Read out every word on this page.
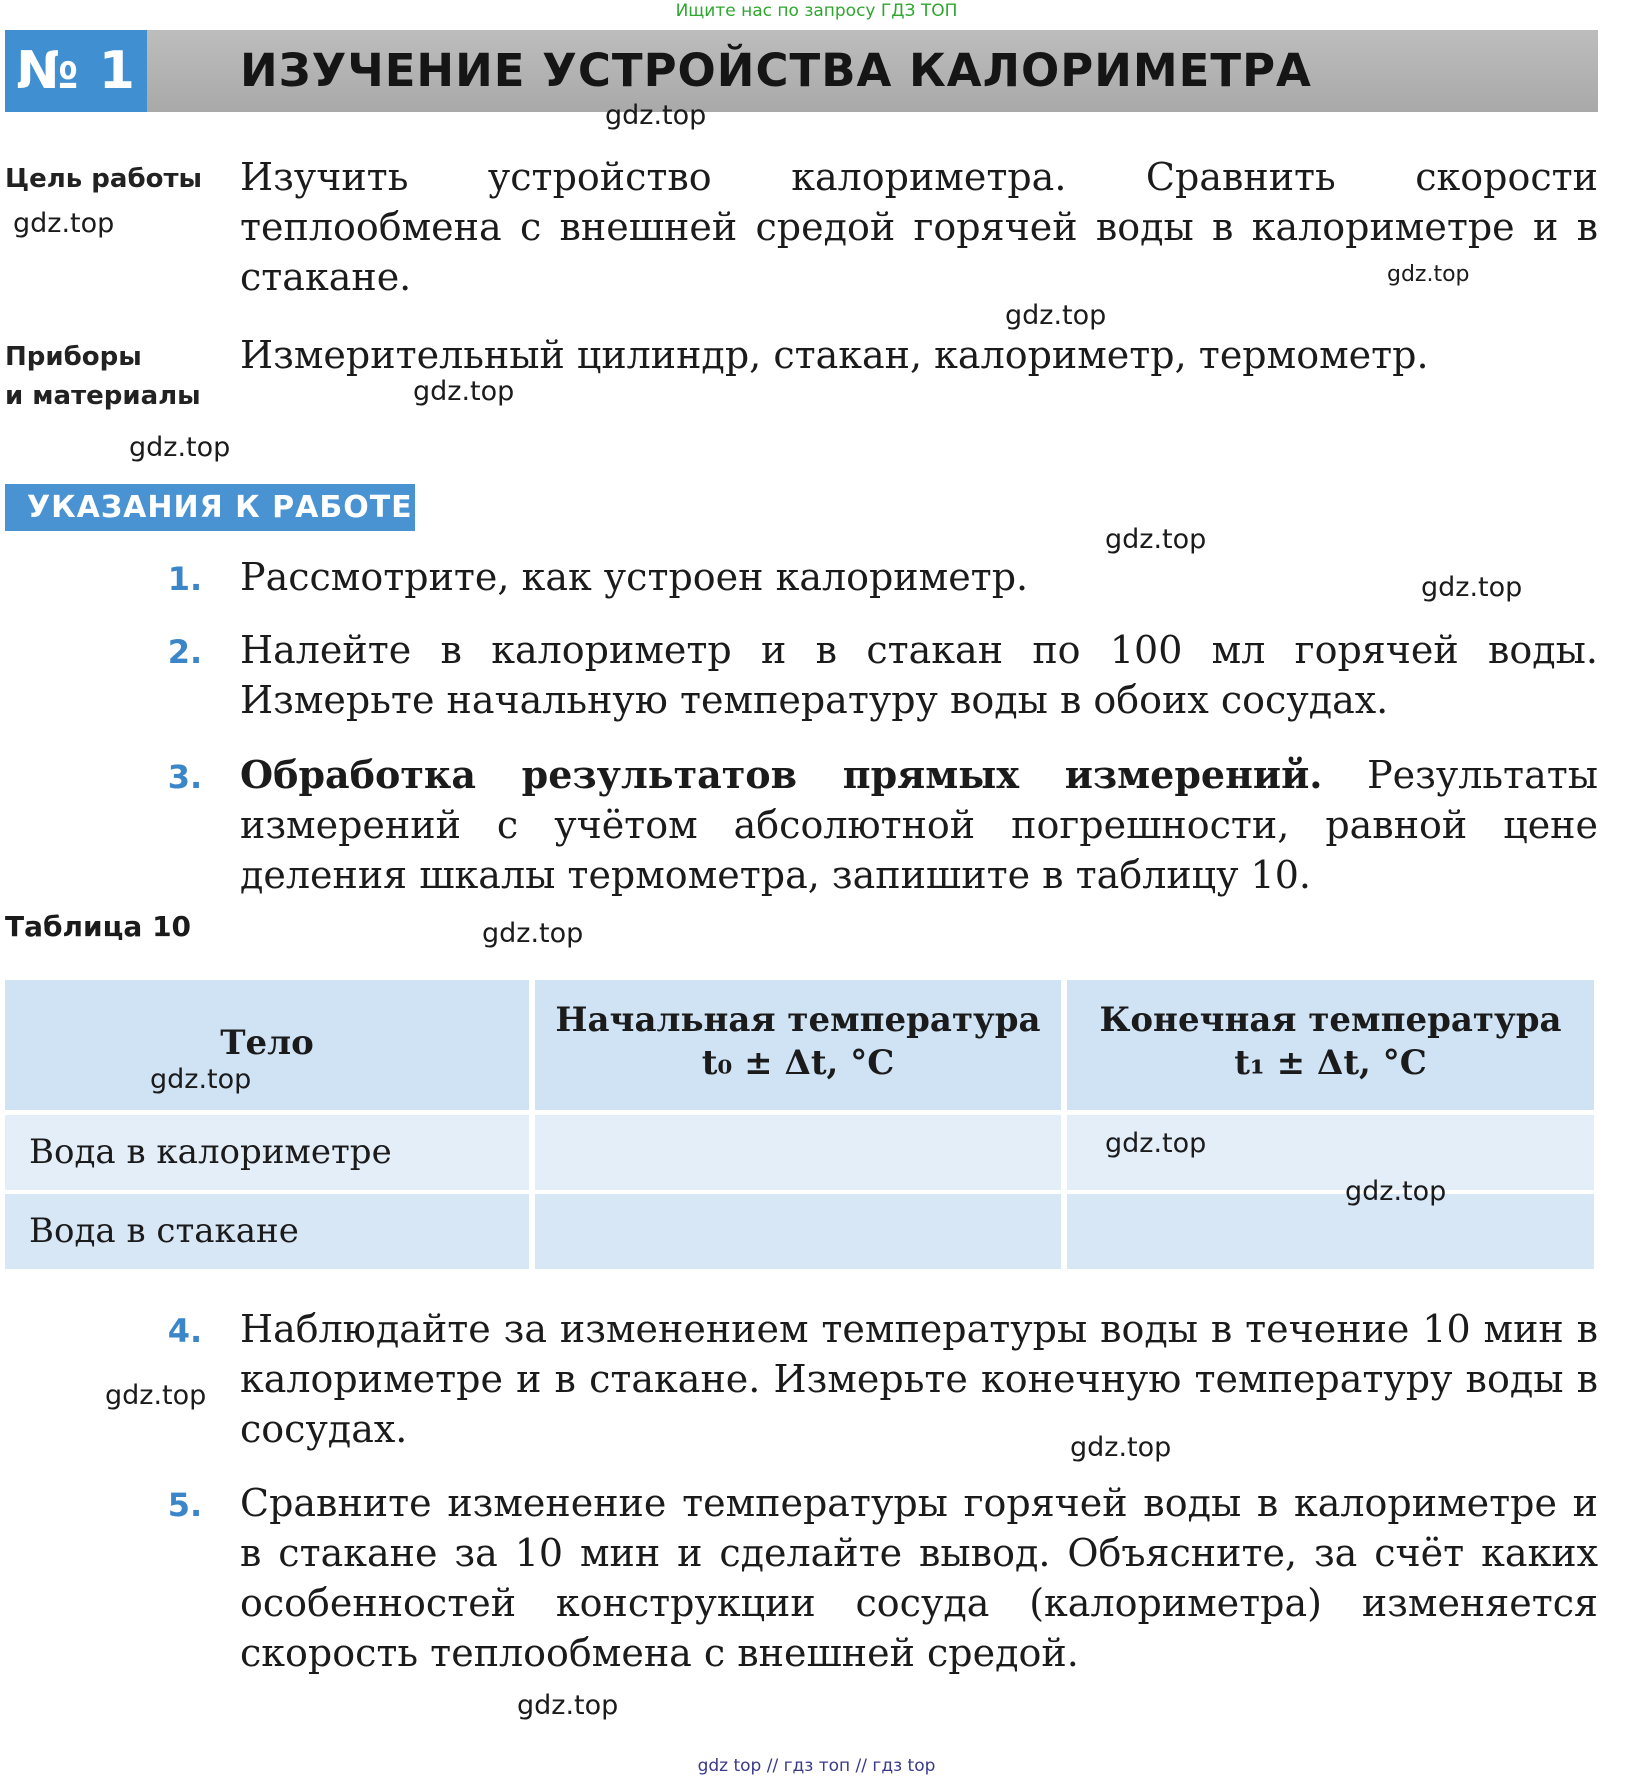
Ищите нас по запросу ГДЗ ТОП
№ 1 ИЗУЧЕНИЕ УСТРОЙСТВА КАЛОРИМЕТРА
Цель работы Изучить устройство калориметра. Сравнить скорости теплообмена с внешней средой горячей воды в калориметре и в стакане.
Приборы
и материалы
Измерительный цилиндр, стакан, калориметр, термометр.
УКАЗАНИЯ К РАБОТЕ
1. Рассмотрите, как устроен калориметр.
2. Налейте в калориметр и в стакан по 100 мл горячей воды. Измерьте начальную температуру воды в обоих сосудах.
3. Обработка результатов прямых измерений. Результаты измерений с учётом абсолютной погрешности, равной цене деления шкалы термометра, запишите в таблицу 10.
Таблица 10
Тело
Начальная температура
t₀ ± Δt, °C
Конечная температура
t₁ ± Δt, °C
Вода в калориметре
Вода в стакане
4. Наблюдайте за изменением температуры воды в течение 10 мин в калориметре и в стакане. Измерьте конечную температуру воды в сосудах.
5. Сравните изменение температуры горячей воды в калориметре и в стакане за 10 мин и сделайте вывод. Объясните, за счёт каких особенностей конструкции сосуда (калориметра) изменяется скорость теплообмена с внешней средой.
gdz.top
gdz.top
gdz.top
gdz.top
gdz.top
gdz.top
gdz.top
gdz.top
gdz.top
gdz.top
gdz.top
gdz.top
gdz.top
gdz.top
gdz.top
gdz top // гдз топ // гдз top
